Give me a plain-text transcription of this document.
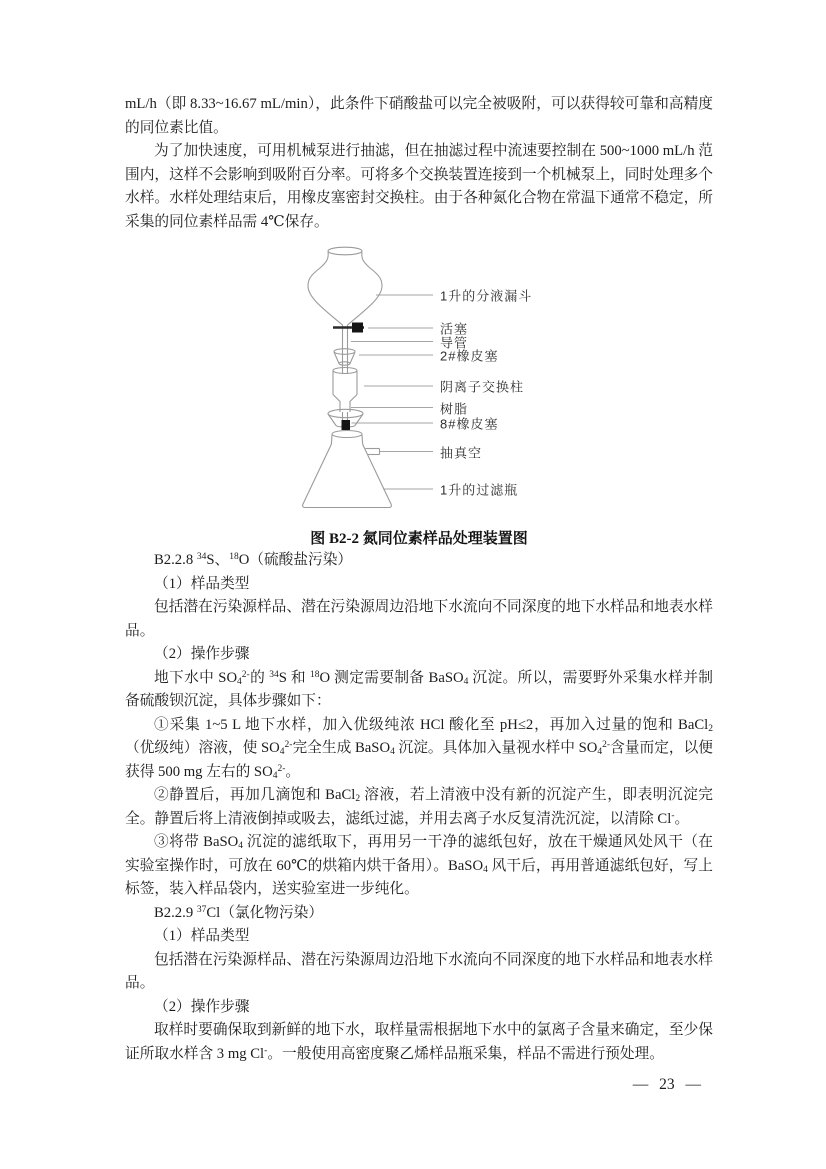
mL/h（即 8.33~16.67 mL/min），此条件下硝酸盐可以完全被吸附，可以获得较可靠和高精度的同位素比值。

为了加快速度，可用机械泵进行抽滤，但在抽滤过程中流速要控制在 500~1000 mL/h 范围内，这样不会影响到吸附百分率。可将多个交换装置连接到一个机械泵上，同时处理多个水样。水样处理结束后，用橡皮塞密封交换柱。由于各种氮化合物在常温下通常不稳定，所采集的同位素样品需 4℃保存。

1升的分液漏斗
活塞
导管
2#橡皮塞
阴离子交换柱
树脂
8#橡皮塞
抽真空
1升的过滤瓶
图 B2-2 氮同位素样品处理装置图

B2.2.8 $^{34}$S、$^{18}$O（硫酸盐污染）

（1）样品类型

包括潜在污染源样品、潜在污染源周边沿地下水流向不同深度的地下水样品和地表水样品。

（2）操作步骤

地下水中 $SO_4^{2-}$的 $^{34}$S 和 $^{18}$O 测定需要制备 BaSO$_4$ 沉淀。所以，需要野外采集水样并制备硫酸钡沉淀，具体步骤如下：

①采集 1~5 L 地下水样，加入优级纯浓 HCl 酸化至 pH≤2，再加入过量的饱和 BaCl$_2$（优级纯）溶液，使 $SO_4^{2-}$完全生成 BaSO$_4$ 沉淀。具体加入量视水样中 $SO_4^{2-}$含量而定，以便获得 500 mg 左右的 $SO_4^{2-}$。

②静置后，再加几滴饱和 BaCl$_2$ 溶液，若上清液中没有新的沉淀产生，即表明沉淀完全。静置后将上清液倒掉或吸去，滤纸过滤，并用去离子水反复清洗沉淀，以清除 Cl-。

③将带 BaSO$_4$ 沉淀的滤纸取下，再用另一干净的滤纸包好，放在干燥通风处风干（在实验室操作时，可放在 60℃的烘箱内烘干备用）。BaSO$_4$ 风干后，再用普通滤纸包好，写上标签，装入样品袋内，送实验室进一步纯化。

B2.2.9 $^{37}$Cl（氯化物污染）

（1）样品类型

包括潜在污染源样品、潜在污染源周边沿地下水流向不同深度的地下水样品和地表水样品。

（2）操作步骤

取样时要确保取到新鲜的地下水，取样量需根据地下水中的氯离子含量来确定，至少保证所取水样含 3 mg Cl-。一般使用高密度聚乙烯样品瓶采集，样品不需进行预处理。

— 23 —
